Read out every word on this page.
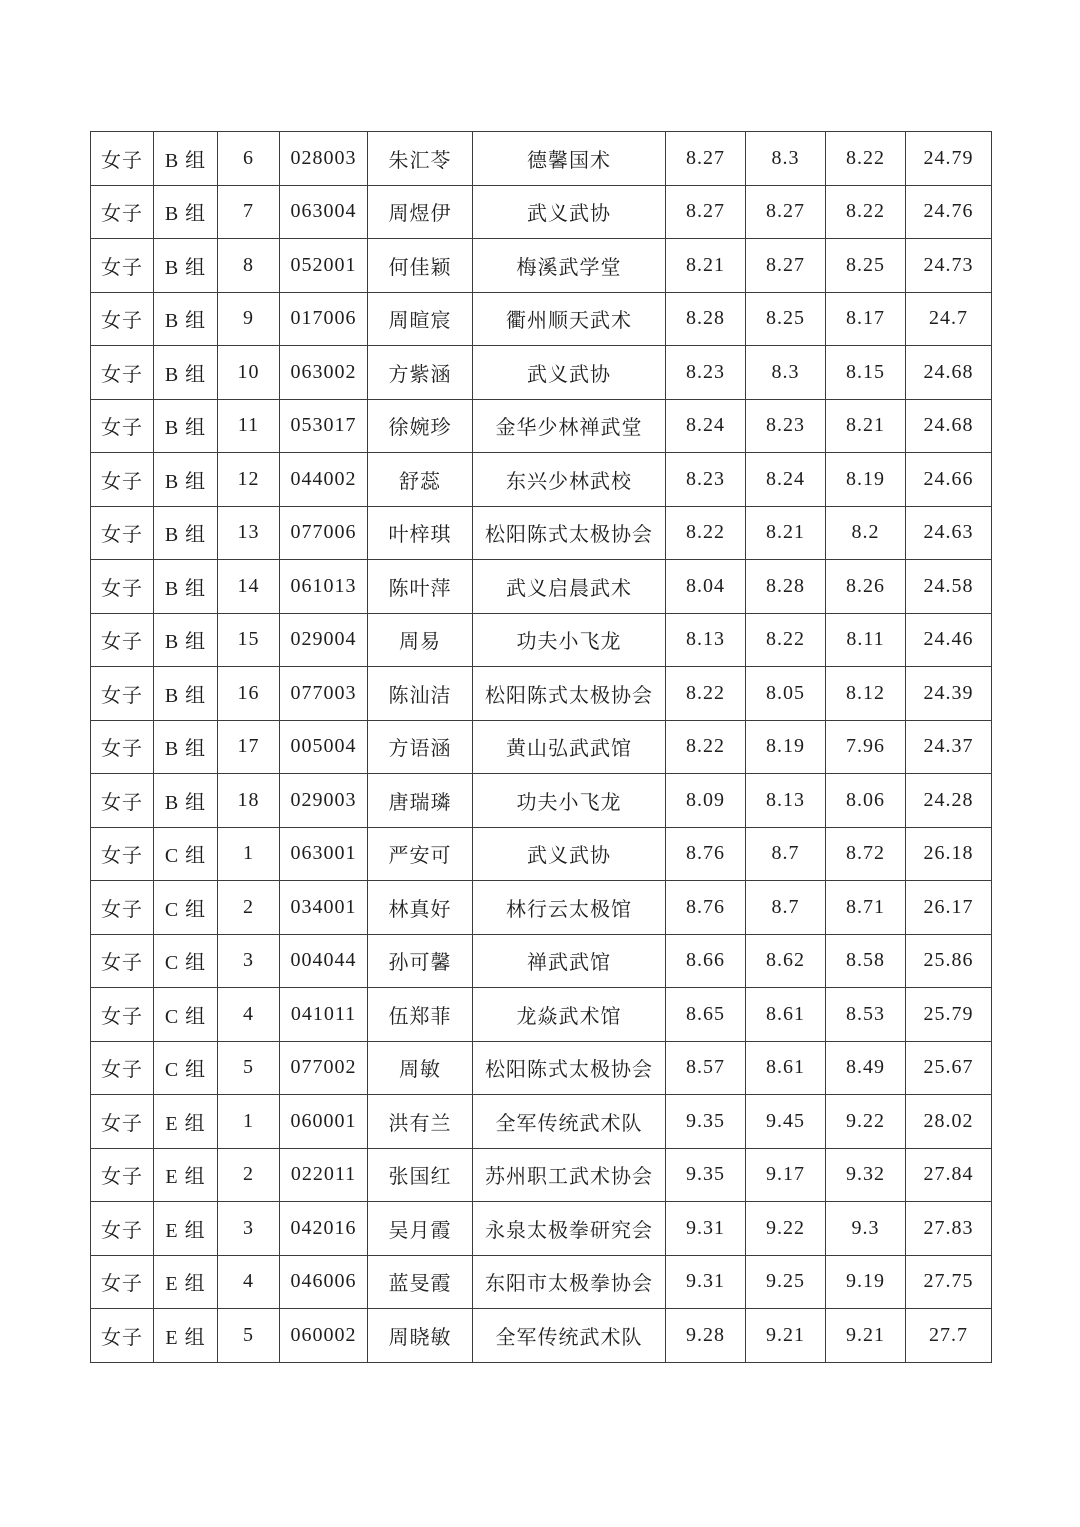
女子	B 组	6	028003	朱汇苓	德馨国术	8.27	8.3	8.22	24.79
女子	B 组	7	063004	周煜伊	武义武协	8.27	8.27	8.22	24.76
女子	B 组	8	052001	何佳颖	梅溪武学堂	8.21	8.27	8.25	24.73
女子	B 组	9	017006	周暄宸	衢州顺天武术	8.28	8.25	8.17	24.7
女子	B 组	10	063002	方紫涵	武义武协	8.23	8.3	8.15	24.68
女子	B 组	11	053017	徐婉珍	金华少林禅武堂	8.24	8.23	8.21	24.68
女子	B 组	12	044002	舒蕊	东兴少林武校	8.23	8.24	8.19	24.66
女子	B 组	13	077006	叶梓琪	松阳陈式太极协会	8.22	8.21	8.2	24.63
女子	B 组	14	061013	陈叶萍	武义启晨武术	8.04	8.28	8.26	24.58
女子	B 组	15	029004	周易	功夫小飞龙	8.13	8.22	8.11	24.46
女子	B 组	16	077003	陈汕洁	松阳陈式太极协会	8.22	8.05	8.12	24.39
女子	B 组	17	005004	方语涵	黄山弘武武馆	8.22	8.19	7.96	24.37
女子	B 组	18	029003	唐瑞璘	功夫小飞龙	8.09	8.13	8.06	24.28
女子	C 组	1	063001	严安可	武义武协	8.76	8.7	8.72	26.18
女子	C 组	2	034001	林真好	林行云太极馆	8.76	8.7	8.71	26.17
女子	C 组	3	004044	孙可馨	禅武武馆	8.66	8.62	8.58	25.86
女子	C 组	4	041011	伍郑菲	龙焱武术馆	8.65	8.61	8.53	25.79
女子	C 组	5	077002	周敏	松阳陈式太极协会	8.57	8.61	8.49	25.67
女子	E 组	1	060001	洪有兰	全军传统武术队	9.35	9.45	9.22	28.02
女子	E 组	2	022011	张国红	苏州职工武术协会	9.35	9.17	9.32	27.84
女子	E 组	3	042016	吴月霞	永泉太极拳研究会	9.31	9.22	9.3	27.83
女子	E 组	4	046006	蓝旻霞	东阳市太极拳协会	9.31	9.25	9.19	27.75
女子	E 组	5	060002	周晓敏	全军传统武术队	9.28	9.21	9.21	27.7
